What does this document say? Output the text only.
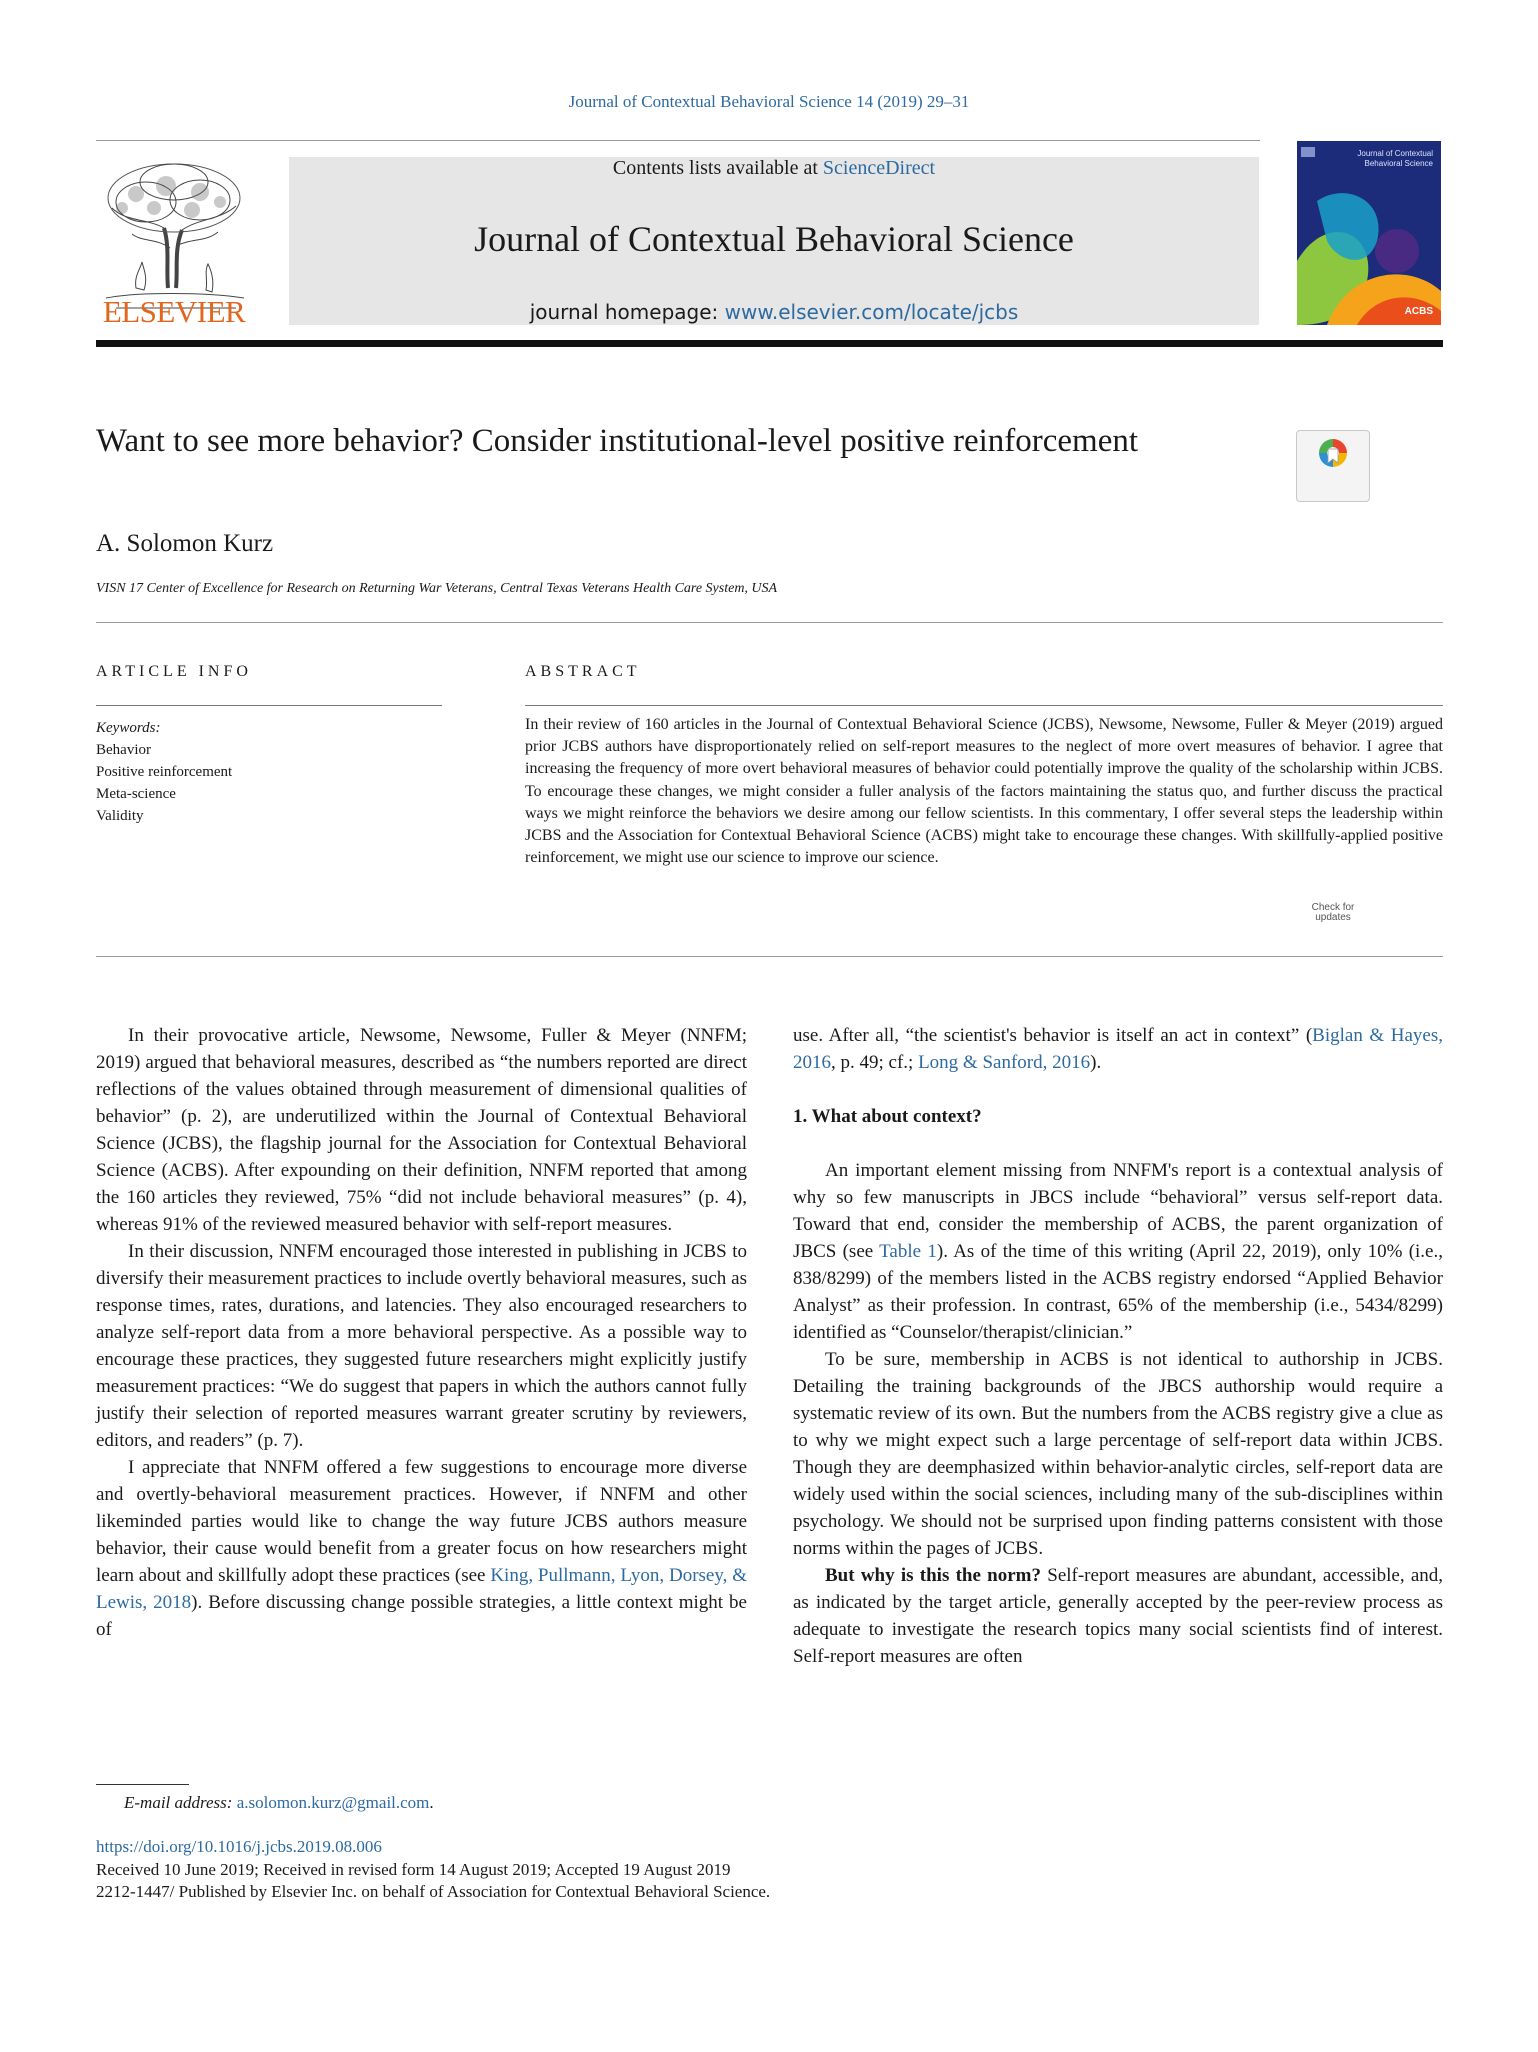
Journal of Contextual Behavioral Science 14 (2019) 29–31
ELSEVIER
Contents lists available at ScienceDirect
Journal of Contextual Behavioral Science
journal homepage: www.elsevier.com/locate/jcbs
Journal of Contextual Behavioral Science
ACBS
Want to see more behavior? Consider institutional-level positive reinforcement
Check for updates
A. Solomon Kurz
VISN 17 Center of Excellence for Research on Returning War Veterans, Central Texas Veterans Health Care System, USA
ARTICLE INFO	ABSTRACT
Keywords:
Behavior
Positive reinforcement
Meta-science
Validity
In their review of 160 articles in the Journal of Contextual Behavioral Science (JCBS), Newsome, Newsome, Fuller & Meyer (2019) argued prior JCBS authors have disproportionately relied on self-report measures to the neglect of more overt measures of behavior. I agree that increasing the frequency of more overt behavioral measures of behavior could potentially improve the quality of the scholarship within JCBS. To encourage these changes, we might consider a fuller analysis of the factors maintaining the status quo, and further discuss the practical ways we might reinforce the behaviors we desire among our fellow scientists. In this commentary, I offer several steps the leadership within JCBS and the Association for Contextual Behavioral Science (ACBS) might take to encourage these changes. With skillfully-applied positive reinforcement, we might use our science to improve our science.

In their provocative article, Newsome, Newsome, Fuller & Meyer (NNFM; 2019) argued that behavioral measures, described as “the numbers reported are direct reflections of the values obtained through measurement of dimensional qualities of behavior” (p. 2), are underutilized within the Journal of Contextual Behavioral Science (JCBS), the flagship journal for the Association for Contextual Behavioral Science (ACBS). After expounding on their definition, NNFM reported that among the 160 articles they reviewed, 75% “did not include behavioral measures” (p. 4), whereas 91% of the reviewed measured behavior with self-report measures.

In their discussion, NNFM encouraged those interested in publishing in JCBS to diversify their measurement practices to include overtly behavioral measures, such as response times, rates, durations, and latencies. They also encouraged researchers to analyze self-report data from a more behavioral perspective. As a possible way to encourage these practices, they suggested future researchers might explicitly justify measurement practices: “We do suggest that papers in which the authors cannot fully justify their selection of reported measures warrant greater scrutiny by reviewers, editors, and readers” (p. 7).

I appreciate that NNFM offered a few suggestions to encourage more diverse and overtly-behavioral measurement practices. However, if NNFM and other likeminded parties would like to change the way future JCBS authors measure behavior, their cause would benefit from a greater focus on how researchers might learn about and skillfully adopt these practices (see King, Pullmann, Lyon, Dorsey, & Lewis, 2018). Before discussing change possible strategies, a little context might be of

use. After all, “the scientist's behavior is itself an act in context” (Biglan & Hayes, 2016, p. 49; cf.; Long & Sanford, 2016).

1. What about context?

An important element missing from NNFM's report is a contextual analysis of why so few manuscripts in JBCS include “behavioral” versus self-report data. Toward that end, consider the membership of ACBS, the parent organization of JBCS (see Table 1). As of the time of this writing (April 22, 2019), only 10% (i.e., 838/8299) of the members listed in the ACBS registry endorsed “Applied Behavior Analyst” as their profession. In contrast, 65% of the membership (i.e., 5434/8299) identified as “Counselor/therapist/clinician.”

To be sure, membership in ACBS is not identical to authorship in JCBS. Detailing the training backgrounds of the JBCS authorship would require a systematic review of its own. But the numbers from the ACBS registry give a clue as to why we might expect such a large percentage of self-report data within JCBS. Though they are deemphasized within behavior-analytic circles, self-report data are widely used within the social sciences, including many of the sub-disciplines within psychology. We should not be surprised upon finding patterns consistent with those norms within the pages of JCBS.

But why is this the norm? Self-report measures are abundant, accessible, and, as indicated by the target article, generally accepted by the peer-review process as adequate to investigate the research topics many social scientists find of interest. Self-report measures are often

E-mail address: a.solomon.kurz@gmail.com.
https://doi.org/10.1016/j.jcbs.2019.08.006
Received 10 June 2019; Received in revised form 14 August 2019; Accepted 19 August 2019
2212-1447/ Published by Elsevier Inc. on behalf of Association for Contextual Behavioral Science.
